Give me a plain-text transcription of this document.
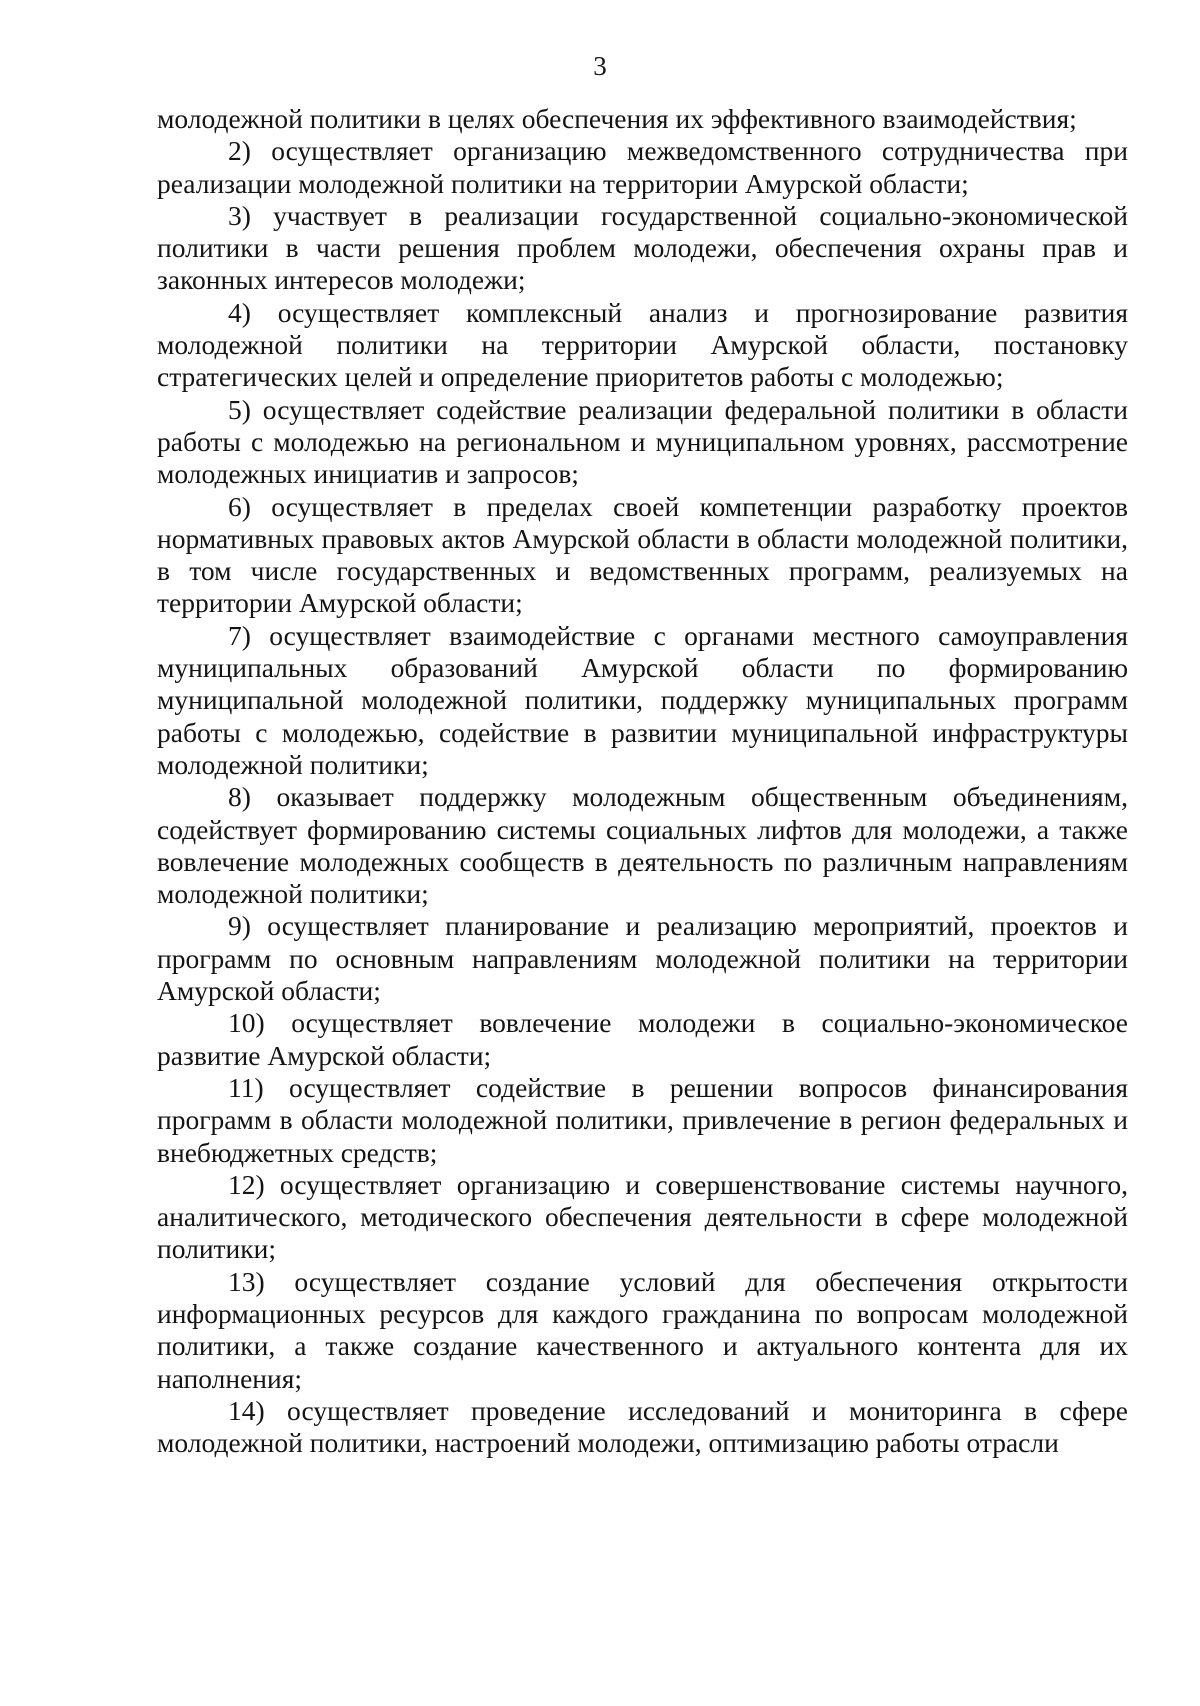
3

молодежной политики в целях обеспечения их эффективного взаимодействия;

2) осуществляет организацию межведомственного сотрудничества при реализации молодежной политики на территории Амурской области;

3) участвует в реализации государственной социально-экономической политики в части решения проблем молодежи, обеспечения охраны прав и законных интересов молодежи;

4) осуществляет комплексный анализ и прогнозирование развития молодежной политики на территории Амурской области, постановку стратегических целей и определение приоритетов работы с молодежью;

5) осуществляет содействие реализации федеральной политики в области работы с молодежью на региональном и муниципальном уровнях, рассмотрение молодежных инициатив и запросов;

6) осуществляет в пределах своей компетенции разработку проектов нормативных правовых актов Амурской области в области молодежной политики, в том числе государственных и ведомственных программ, реализуемых на территории Амурской области;

7) осуществляет взаимодействие с органами местного самоуправления муниципальных образований Амурской области по формированию муниципальной молодежной политики, поддержку муниципальных программ работы с молодежью, содействие в развитии муниципальной инфраструктуры молодежной политики;

8) оказывает поддержку молодежным общественным объединениям, содействует формированию системы социальных лифтов для молодежи, а также вовлечение молодежных сообществ в деятельность по различным направлениям молодежной политики;

9) осуществляет планирование и реализацию мероприятий, проектов и программ по основным направлениям молодежной политики на территории Амурской области;

10) осуществляет вовлечение молодежи в социально-экономическое развитие Амурской области;

11) осуществляет содействие в решении вопросов финансирования программ в области молодежной политики, привлечение в регион федеральных и внебюджетных средств;

12) осуществляет организацию и совершенствование системы научного, аналитического, методического обеспечения деятельности в сфере молодежной политики;

13) осуществляет создание условий для обеспечения открытости информационных ресурсов для каждого гражданина по вопросам молодежной политики, а также создание качественного и актуального контента для их наполнения;

14) осуществляет проведение исследований и мониторинга в сфере молодежной политики, настроений молодежи, оптимизацию работы отрасли
